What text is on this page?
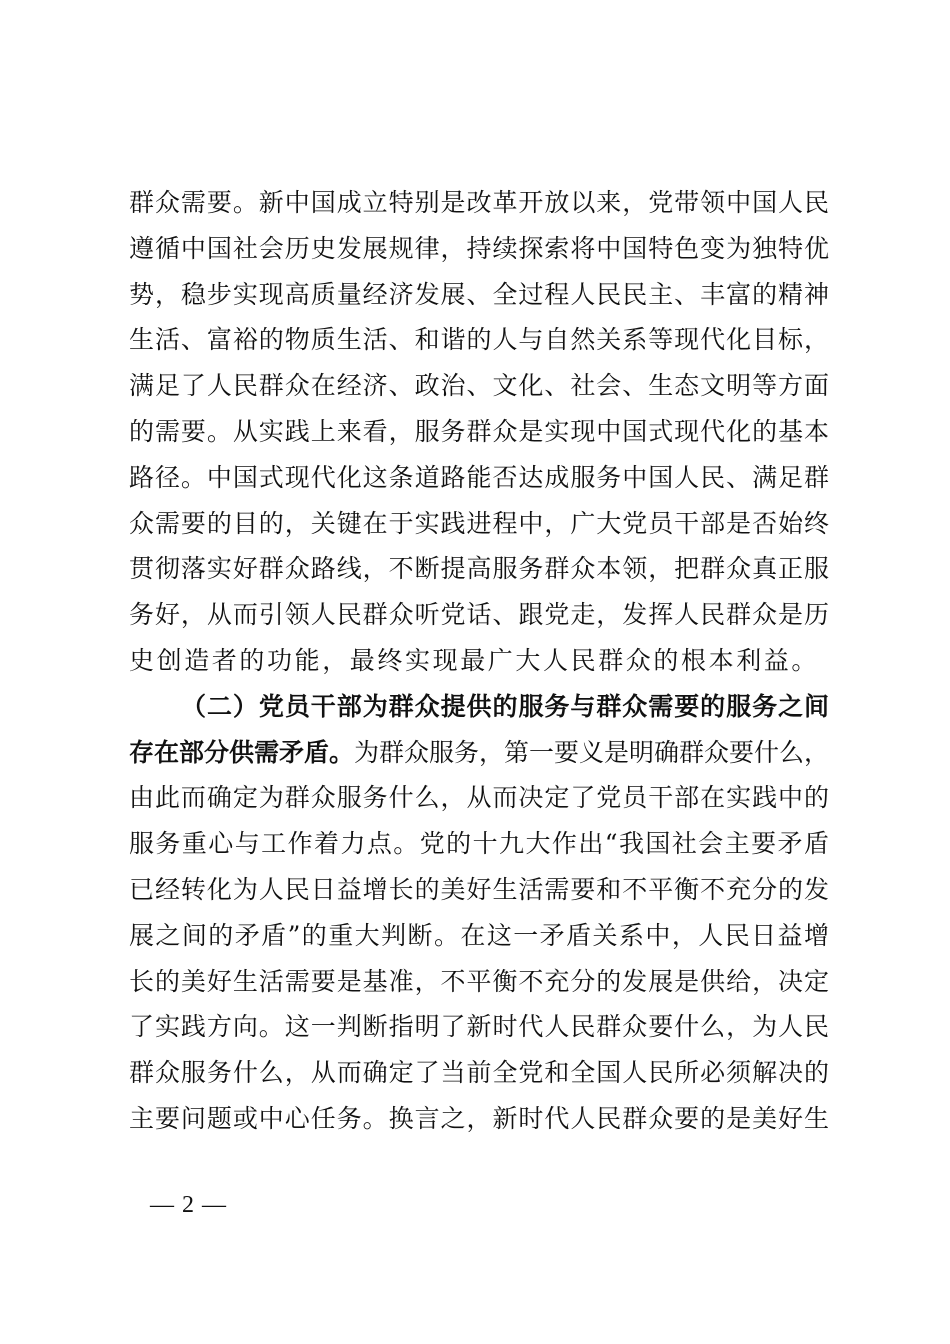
群众需要。新中国成立特别是改革开放以来，党带领中国人民
遵循中国社会历史发展规律，持续探索将中国特色变为独特优
势，稳步实现高质量经济发展、全过程人民民主、丰富的精神
生活、富裕的物质生活、和谐的人与自然关系等现代化目标，
满足了人民群众在经济、政治、文化、社会、生态文明等方面
的需要。从实践上来看，服务群众是实现中国式现代化的基本
路径。中国式现代化这条道路能否达成服务中国人民、满足群
众需要的目的，关键在于实践进程中，广大党员干部是否始终
贯彻落实好群众路线，不断提高服务群众本领，把群众真正服
务好，从而引领人民群众听党话、跟党走，发挥人民群众是历
史创造者的功能，最终实现最广大人民群众的根本利益。
（二）党员干部为群众提供的服务与群众需要的服务之间
存在部分供需矛盾。为群众服务，第一要义是明确群众要什么，
由此而确定为群众服务什么，从而决定了党员干部在实践中的
服务重心与工作着力点。党的十九大作出“我国社会主要矛盾
已经转化为人民日益增长的美好生活需要和不平衡不充分的发
展之间的矛盾”的重大判断。在这一矛盾关系中，人民日益增
长的美好生活需要是基准，不平衡不充分的发展是供给，决定
了实践方向。这一判断指明了新时代人民群众要什么，为人民
群众服务什么，从而确定了当前全党和全国人民所必须解决的
主要问题或中心任务。换言之，新时代人民群众要的是美好生
— 2 —
